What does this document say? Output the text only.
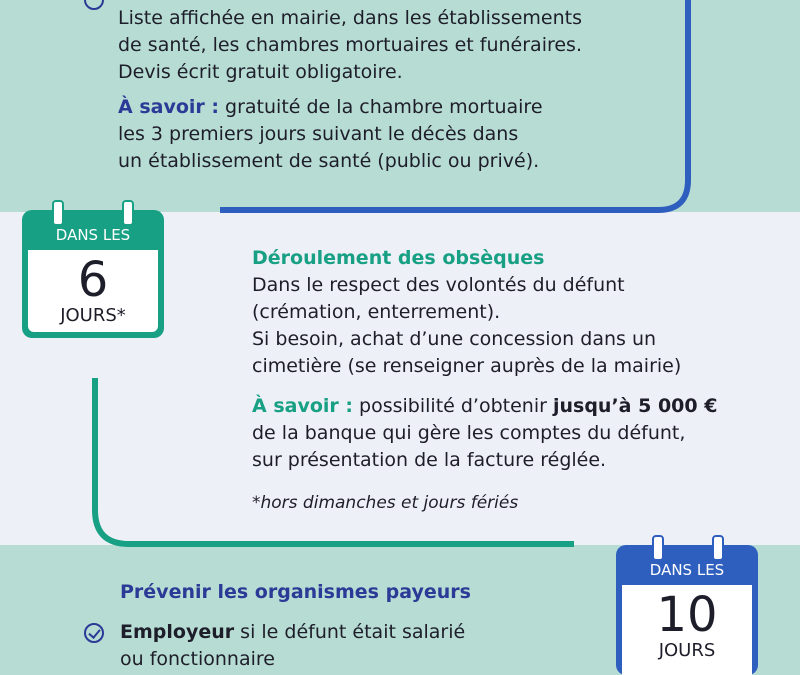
Liste affichée en mairie, dans les établissements

de santé, les chambres mortuaires et funéraires.

Devis écrit gratuit obligatoire.

À savoir : gratuité de la chambre mortuaire

les 3 premiers jours suivant le décès dans

un établissement de santé (public ou privé).

DANS LES
6
JOURS*
Déroulement des obsèques

Dans le respect des volontés du défunt

(crémation, enterrement).

Si besoin, achat d’une concession dans un

cimetière (se renseigner auprès de la mairie)

À savoir : possibilité d’obtenir jusqu’à 5 000 €

de la banque qui gère les comptes du défunt,

sur présentation de la facture réglée.

*hors dimanches et jours fériés
Prévenir les organismes payeurs

Employeur si le défunt était salarié

ou fonctionnaire

DANS LES
10
JOURS
